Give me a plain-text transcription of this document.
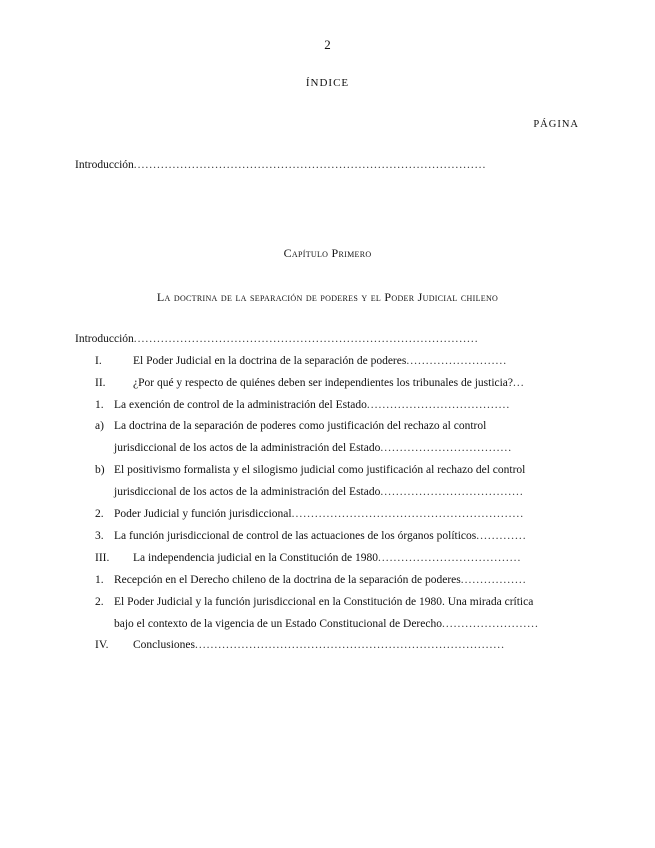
2
ÍNDICE
PÁGINA
Introducción...........................................................................................
Capítulo Primero
La doctrina de la separación de poderes y el Poder Judicial chileno
Introducción.........................................................................................
I.	El Poder Judicial en la doctrina de la separación de poderes..........................
II. ¿Por qué y respecto de quiénes deben ser independientes los tribunales de justicia?...
1. La exención de control de la administración del Estado.....................................
a) La doctrina de la separación de poderes como justificación del rechazo al control
jurisdiccional de los actos de la administración del Estado..................................
b) El positivismo formalista y el silogismo judicial como justificación al rechazo del control
jurisdiccional de los actos de la administración del Estado.....................................
2. Poder Judicial y función jurisdiccional............................................................
3. La función jurisdiccional de control de las actuaciones de los órganos políticos.............
III. La independencia judicial en la Constitución de 1980.....................................
1. Recepción en el Derecho chileno de la doctrina de la separación de poderes.................
2. El Poder Judicial y la función jurisdiccional en la Constitución de 1980. Una mirada crítica
bajo el contexto de la vigencia de un Estado Constitucional de Derecho.........................
IV. Conclusiones................................................................................
